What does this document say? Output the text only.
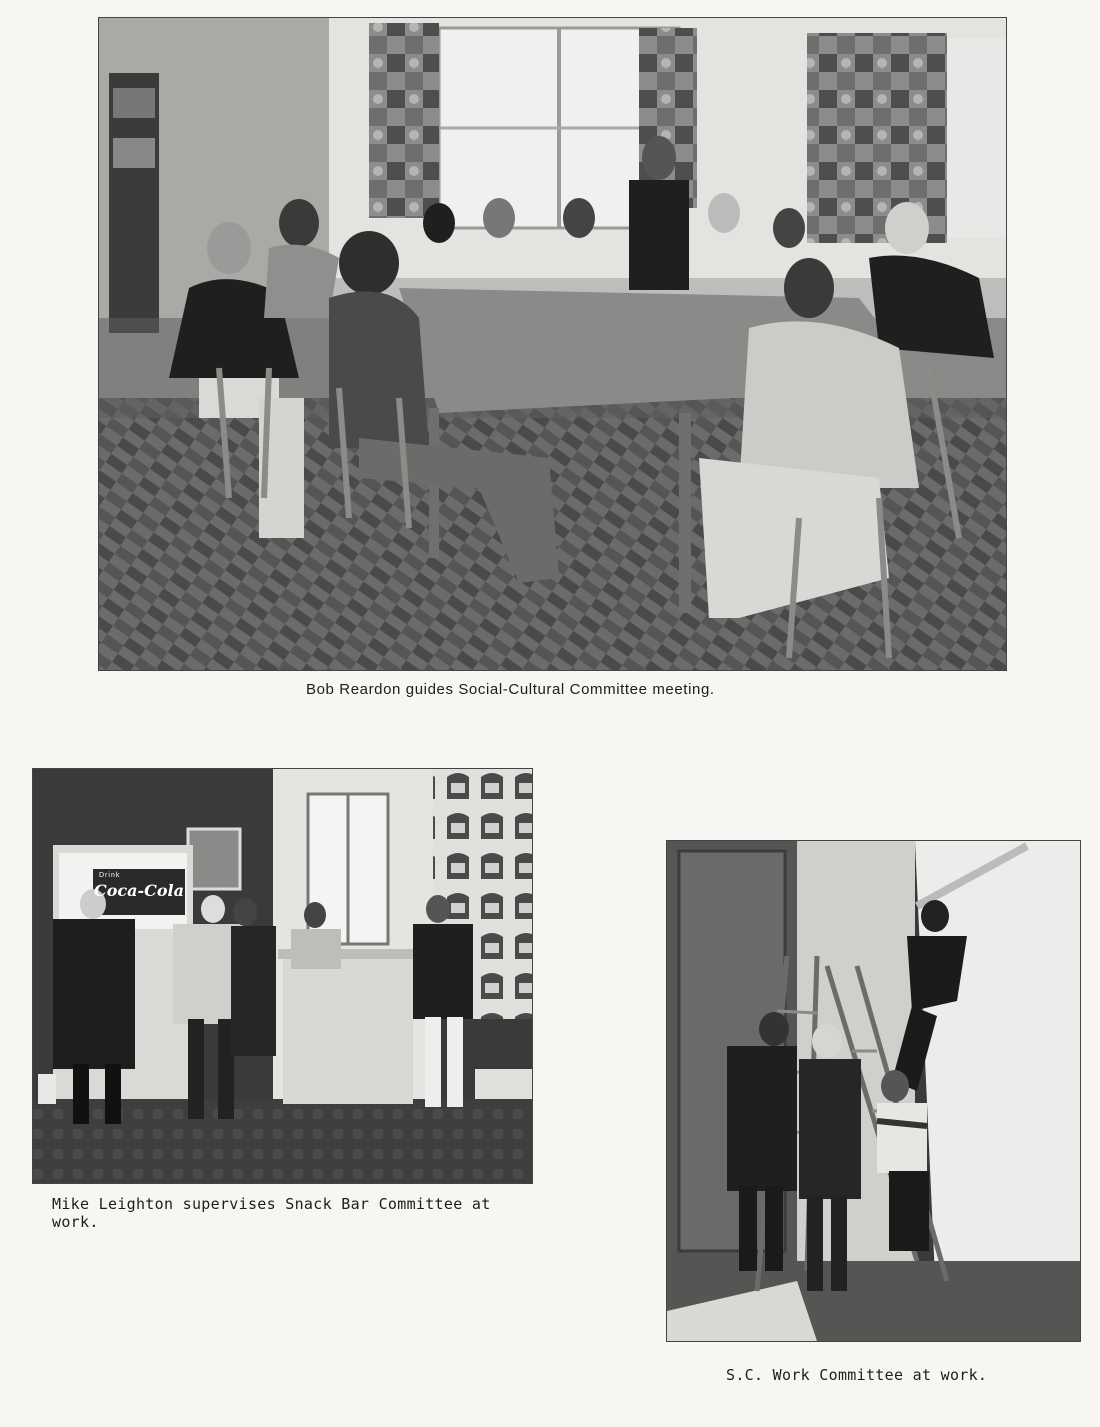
Bob Reardon guides Social-Cultural Committee meeting.
Drink
Coca-Cola
Mike Leighton supervises Snack Bar Committee at work.
S.C. Work Committee at work.
